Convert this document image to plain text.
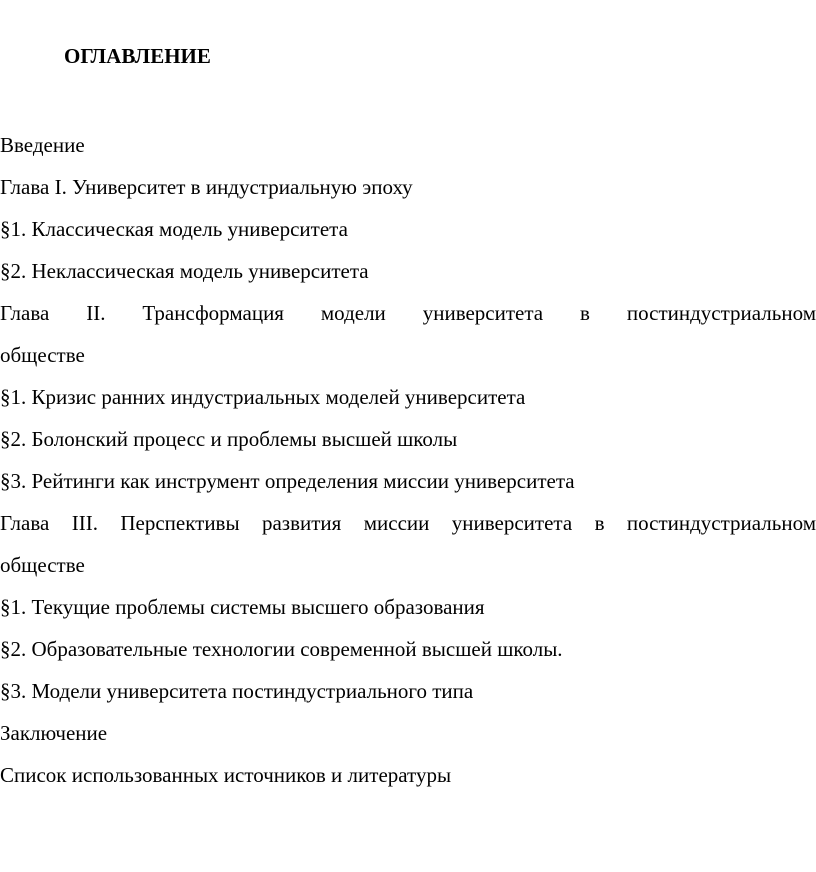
ОГЛАВЛЕНИЕ
Введение
Глава I. Университет в индустриальную эпоху
§1. Классическая модель университета
§2. Неклассическая модель университета
Глава II. Трансформация модели университета в постиндустриальном
обществе
§1. Кризис ранних индустриальных моделей университета
§2. Болонский процесс и проблемы высшей школы
§3. Рейтинги как инструмент определения миссии университета
Глава III. Перспективы развития миссии университета в постиндустриальном
обществе
§1. Текущие проблемы системы высшего образования
§2. Образовательные технологии современной высшей школы.
§3. Модели университета постиндустриального типа
Заключение
Список использованных источников и литературы
